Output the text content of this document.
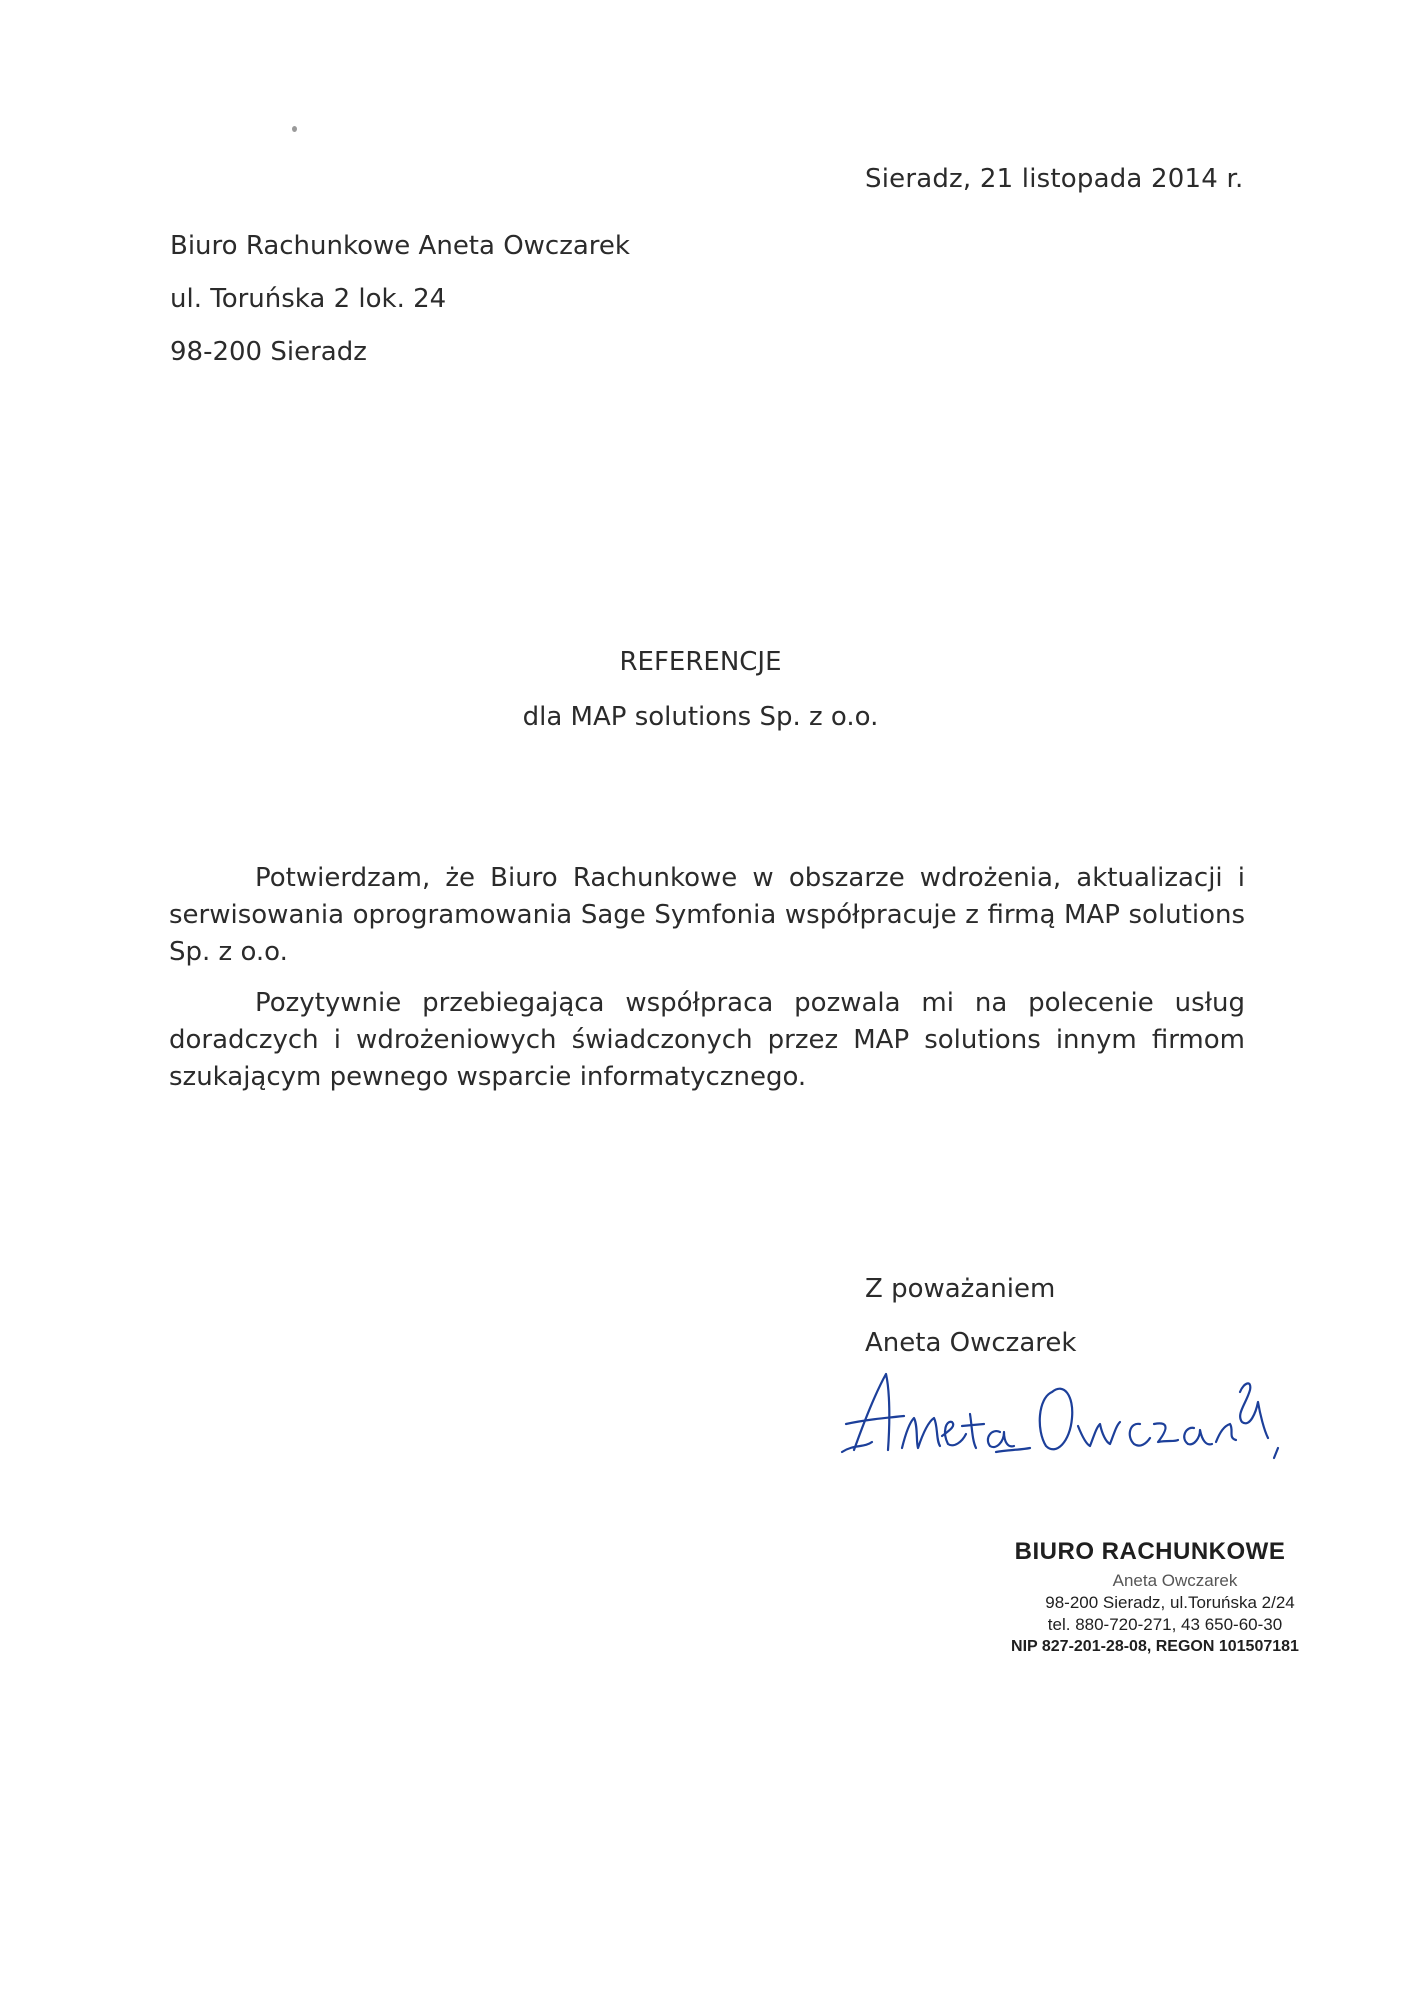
Sieradz, 21 listopada 2014 r.
Biuro Rachunkowe Aneta Owczarek
ul. Toruńska 2 lok. 24
98-200 Sieradz
REFERENCJE
dla MAP solutions Sp. z o.o.

Potwierdzam, że Biuro Rachunkowe w obszarze wdrożenia, aktualizacji i serwisowania oprogramowania Sage Symfonia współpracuje z firmą MAP solutions Sp. z o.o.

Pozytywnie przebiegająca współpraca pozwala mi na polecenie usług doradczych i wdrożeniowych świadczonych przez MAP solutions innym firmom szukającym pewnego wsparcie informatycznego.

Z poważaniem
Aneta Owczarek
BIURO RACHUNKOWE
Aneta Owczarek
98-200 Sieradz, ul.Toruńska 2/24
tel. 880-720-271, 43 650-60-30
NIP 827-201-28-08, REGON 101507181
